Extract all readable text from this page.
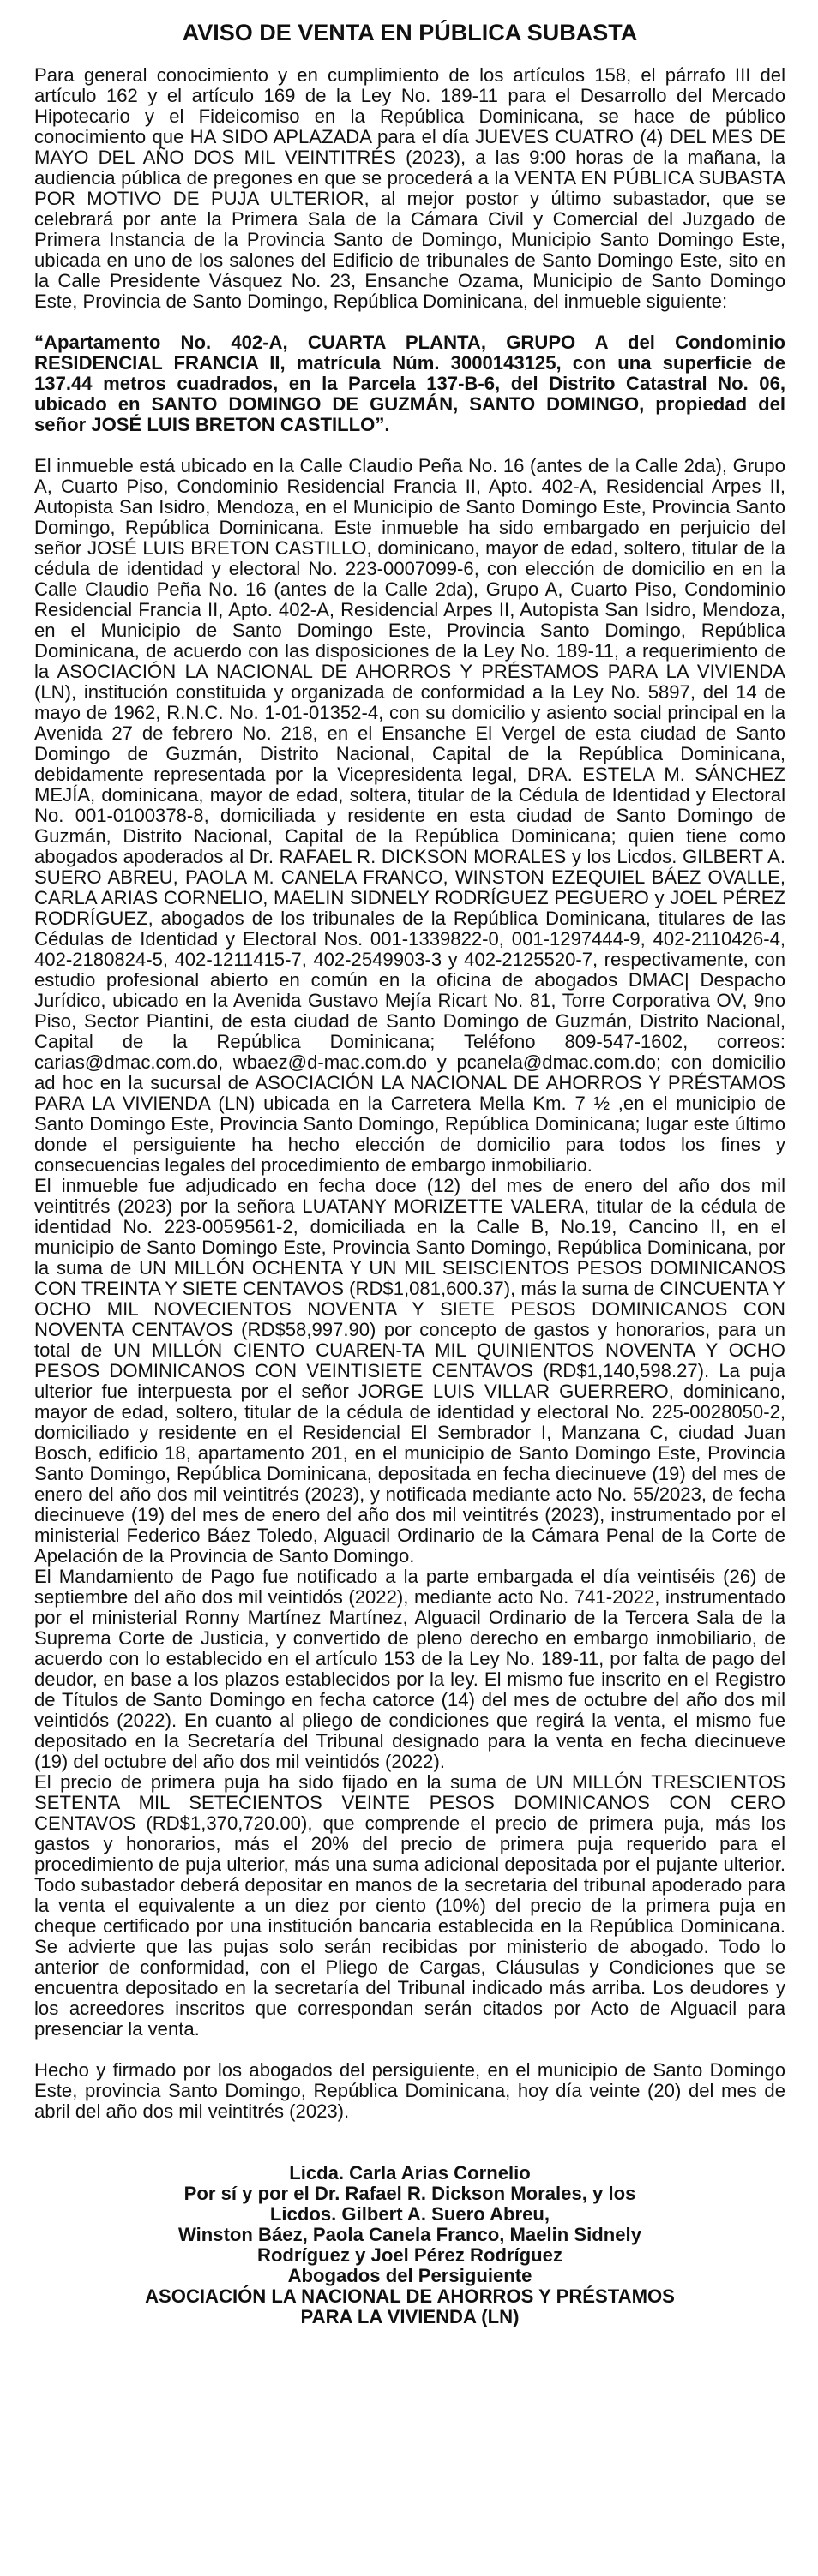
AVISO DE VENTA EN PÚBLICA SUBASTA

Para general conocimiento y en cumplimiento de los artículos 158, el párrafo III del artículo 162 y el artículo 169 de la Ley No. 189-11 para el Desarrollo del Mercado Hipotecario y el Fideicomiso en la República Dominicana, se hace de público conocimiento que HA SIDO APLAZADA para el día JUEVES CUATRO (4) DEL MES DE MAYO DEL AÑO DOS MIL VEINTITRÉS (2023), a las 9:00 horas de la mañana, la audiencia pública de pregones en que se procederá a la VENTA EN PÚBLICA SUBASTA POR MOTIVO DE PUJA ULTERIOR, al mejor postor y último subastador, que se celebrará por ante la Primera Sala de la Cámara Civil y Comercial del Juzgado de Primera Instancia de la Provincia Santo de Domingo, Municipio Santo Domingo Este, ubicada en uno de los salones del Edificio de tribunales de Santo Domingo Este, sito en la Calle Presidente Vásquez No. 23, Ensanche Ozama, Municipio de Santo Domingo Este, Provincia de Santo Domingo, República Dominicana, del inmueble siguiente:

“Apartamento No. 402-A, CUARTA PLANTA, GRUPO A del Condominio RESIDENCIAL FRANCIA II, matrícula Núm. 3000143125, con una superficie de 137.44 metros cuadrados, en la Parcela 137-B-6, del Distrito Catastral No. 06, ubicado en SANTO DOMINGO DE GUZMÁN, SANTO DOMINGO, propiedad del señor JOSÉ LUIS BRETON CASTILLO”.

El inmueble está ubicado en la Calle Claudio Peña No. 16 (antes de la Calle 2da), Grupo A, Cuarto Piso, Condominio Residencial Francia II, Apto. 402-A, Residencial Arpes II, Autopista San Isidro, Mendoza, en el Municipio de Santo Domingo Este, Provincia Santo Domingo, República Dominicana. Este inmueble ha sido embargado en perjuicio del señor JOSÉ LUIS BRETON CASTILLO, dominicano, mayor de edad, soltero, titular de la cédula de identidad y electoral No. 223-0007099-6, con elección de domicilio en en la Calle Claudio Peña No. 16 (antes de la Calle 2da), Grupo A, Cuarto Piso, Condominio Residencial Francia II, Apto. 402-A, Residencial Arpes II, Autopista San Isidro, Mendoza, en el Municipio de Santo Domingo Este, Provincia Santo Domingo, República Dominicana, de acuerdo con las disposiciones de la Ley No. 189-11, a requerimiento de la ASOCIACIÓN LA NACIONAL DE AHORROS Y PRÉSTAMOS PARA LA VIVIENDA (LN), institución constituida y organizada de conformidad a la Ley No. 5897, del 14 de mayo de 1962, R.N.C. No. 1-01-01352-4, con su domicilio y asiento social principal en la Avenida 27 de febrero No. 218, en el Ensanche El Vergel de esta ciudad de Santo Domingo de Guzmán, Distrito Nacional, Capital de la República Dominicana, debidamente representada por la Vicepresidenta legal, DRA. ESTELA M. SÁNCHEZ MEJÍA, dominicana, mayor de edad, soltera, titular de la Cédula de Identidad y Electoral No. 001-0100378-8, domiciliada y residente en esta ciudad de Santo Domingo de Guzmán, Distrito Nacional, Capital de la República Dominicana; quien tiene como abogados apoderados al Dr. RAFAEL R. DICKSON MORALES y los Licdos. GILBERT A. SUERO ABREU, PAOLA M. CANELA FRANCO, WINSTON EZEQUIEL BÁEZ OVALLE, CARLA ARIAS CORNELIO, MAELIN SIDNELY RODRÍGUEZ PEGUERO y JOEL PÉREZ RODRÍGUEZ, abogados de los tribunales de la República Dominicana, titulares de las Cédulas de Identidad y Electoral Nos. 001-1339822-0, 001-1297444-9, 402-2110426-4, 402-2180824-5, 402-1211415-7, 402-2549903-3 y 402-2125520-7, respectivamente, con estudio profesional abierto en común en la oficina de abogados DMAC| Despacho Jurídico, ubicado en la Avenida Gustavo Mejía Ricart No. 81, Torre Corporativa OV, 9no Piso, Sector Piantini, de esta ciudad de Santo Domingo de Guzmán, Distrito Nacional, Capital de la República Dominicana; Teléfono 809-547-1602, correos: carias@dmac.com.do, wbaez@d-mac.com.do y pcanela@dmac.com.do; con domicilio ad hoc en la sucursal de ASOCIACIÓN LA NACIONAL DE AHORROS Y PRÉSTAMOS PARA LA VIVIENDA (LN) ubicada en la Carretera Mella Km. 7 ½ ,en el municipio de Santo Domingo Este, Provincia Santo Domingo, República Dominicana; lugar este último donde el persiguiente ha hecho elección de domicilio para todos los fines y consecuencias legales del procedimiento de embargo inmobiliario.

El inmueble fue adjudicado en fecha doce (12) del mes de enero del año dos mil veintitrés (2023) por la señora LUATANY MORIZETTE VALERA, titular de la cédula de identidad No. 223-0059561-2, domiciliada en la Calle B, No.19, Cancino II, en el municipio de Santo Domingo Este, Provincia Santo Domingo, República Dominicana, por la suma de UN MILLÓN OCHENTA Y UN MIL SEISCIENTOS PESOS DOMINICANOS CON TREINTA Y SIETE CENTAVOS (RD$1,081,600.37), más la suma de CINCUENTA Y OCHO MIL NOVECIENTOS NOVENTA Y SIETE PESOS DOMINICANOS CON NOVENTA CENTAVOS (RD$58,997.90) por concepto de gastos y honorarios, para un total de UN MILLÓN CIENTO CUAREN-TA MIL QUINIENTOS NOVENTA Y OCHO PESOS DOMINICANOS CON VEINTISIETE CENTAVOS (RD$1,140,598.27). La puja ulterior fue interpuesta por el señor JORGE LUIS VILLAR GUERRERO, dominicano, mayor de edad, soltero, titular de la cédula de identidad y electoral No. 225-0028050-2, domiciliado y residente en el Residencial El Sembrador I, Manzana C, ciudad Juan Bosch, edificio 18, apartamento 201, en el municipio de Santo Domingo Este, Provincia Santo Domingo, República Dominicana, depositada en fecha diecinueve (19) del mes de enero del año dos mil veintitrés (2023), y notificada mediante acto No. 55/2023, de fecha diecinueve (19) del mes de enero del año dos mil veintitrés (2023), instrumentado por el ministerial Federico Báez Toledo, Alguacil Ordinario de la Cámara Penal de la Corte de Apelación de la Provincia de Santo Domingo.

El Mandamiento de Pago fue notificado a la parte embargada el día veintiséis (26) de septiembre del año dos mil veintidós (2022), mediante acto No. 741-2022, instrumentado por el ministerial Ronny Martínez Martínez, Alguacil Ordinario de la Tercera Sala de la Suprema Corte de Justicia, y convertido de pleno derecho en embargo inmobiliario, de acuerdo con lo establecido en el artículo 153 de la Ley No. 189-11, por falta de pago del deudor, en base a los plazos establecidos por la ley. El mismo fue inscrito en el Registro de Títulos de Santo Domingo en fecha catorce (14) del mes de octubre del año dos mil veintidós (2022). En cuanto al pliego de condiciones que regirá la venta, el mismo fue depositado en la Secretaría del Tribunal designado para la venta en fecha diecinueve (19) del octubre del año dos mil veintidós (2022).

El precio de primera puja ha sido fijado en la suma de UN MILLÓN TRESCIENTOS SETENTA MIL SETECIENTOS VEINTE PESOS DOMINICANOS CON CERO CENTAVOS (RD$1,370,720.00), que comprende el precio de primera puja, más los gastos y honorarios, más el 20% del precio de primera puja requerido para el procedimiento de puja ulterior, más una suma adicional depositada por el pujante ulterior. Todo subastador deberá depositar en manos de la secretaria del tribunal apoderado para la venta el equivalente a un diez por ciento (10%) del precio de la primera puja en cheque certificado por una institución bancaria establecida en la República Dominicana. Se advierte que las pujas solo serán recibidas por ministerio de abogado. Todo lo anterior de conformidad, con el Pliego de Cargas, Cláusulas y Condiciones que se encuentra depositado en la secretaría del Tribunal indicado más arriba. Los deudores y los acreedores inscritos que correspondan serán citados por Acto de Alguacil para presenciar la venta.

Hecho y firmado por los abogados del persiguiente, en el municipio de Santo Domingo Este, provincia Santo Domingo, República Dominicana, hoy día veinte (20) del mes de abril del año dos mil veintitrés (2023).

Licda. Carla Arias Cornelio
Por sí y por el Dr. Rafael R. Dickson Morales, y los
Licdos. Gilbert A. Suero Abreu,
Winston Báez, Paola Canela Franco, Maelin Sidnely
Rodríguez y Joel Pérez Rodríguez
Abogados del Persiguiente
ASOCIACIÓN LA NACIONAL DE AHORROS Y PRÉSTAMOS
PARA LA VIVIENDA (LN)
